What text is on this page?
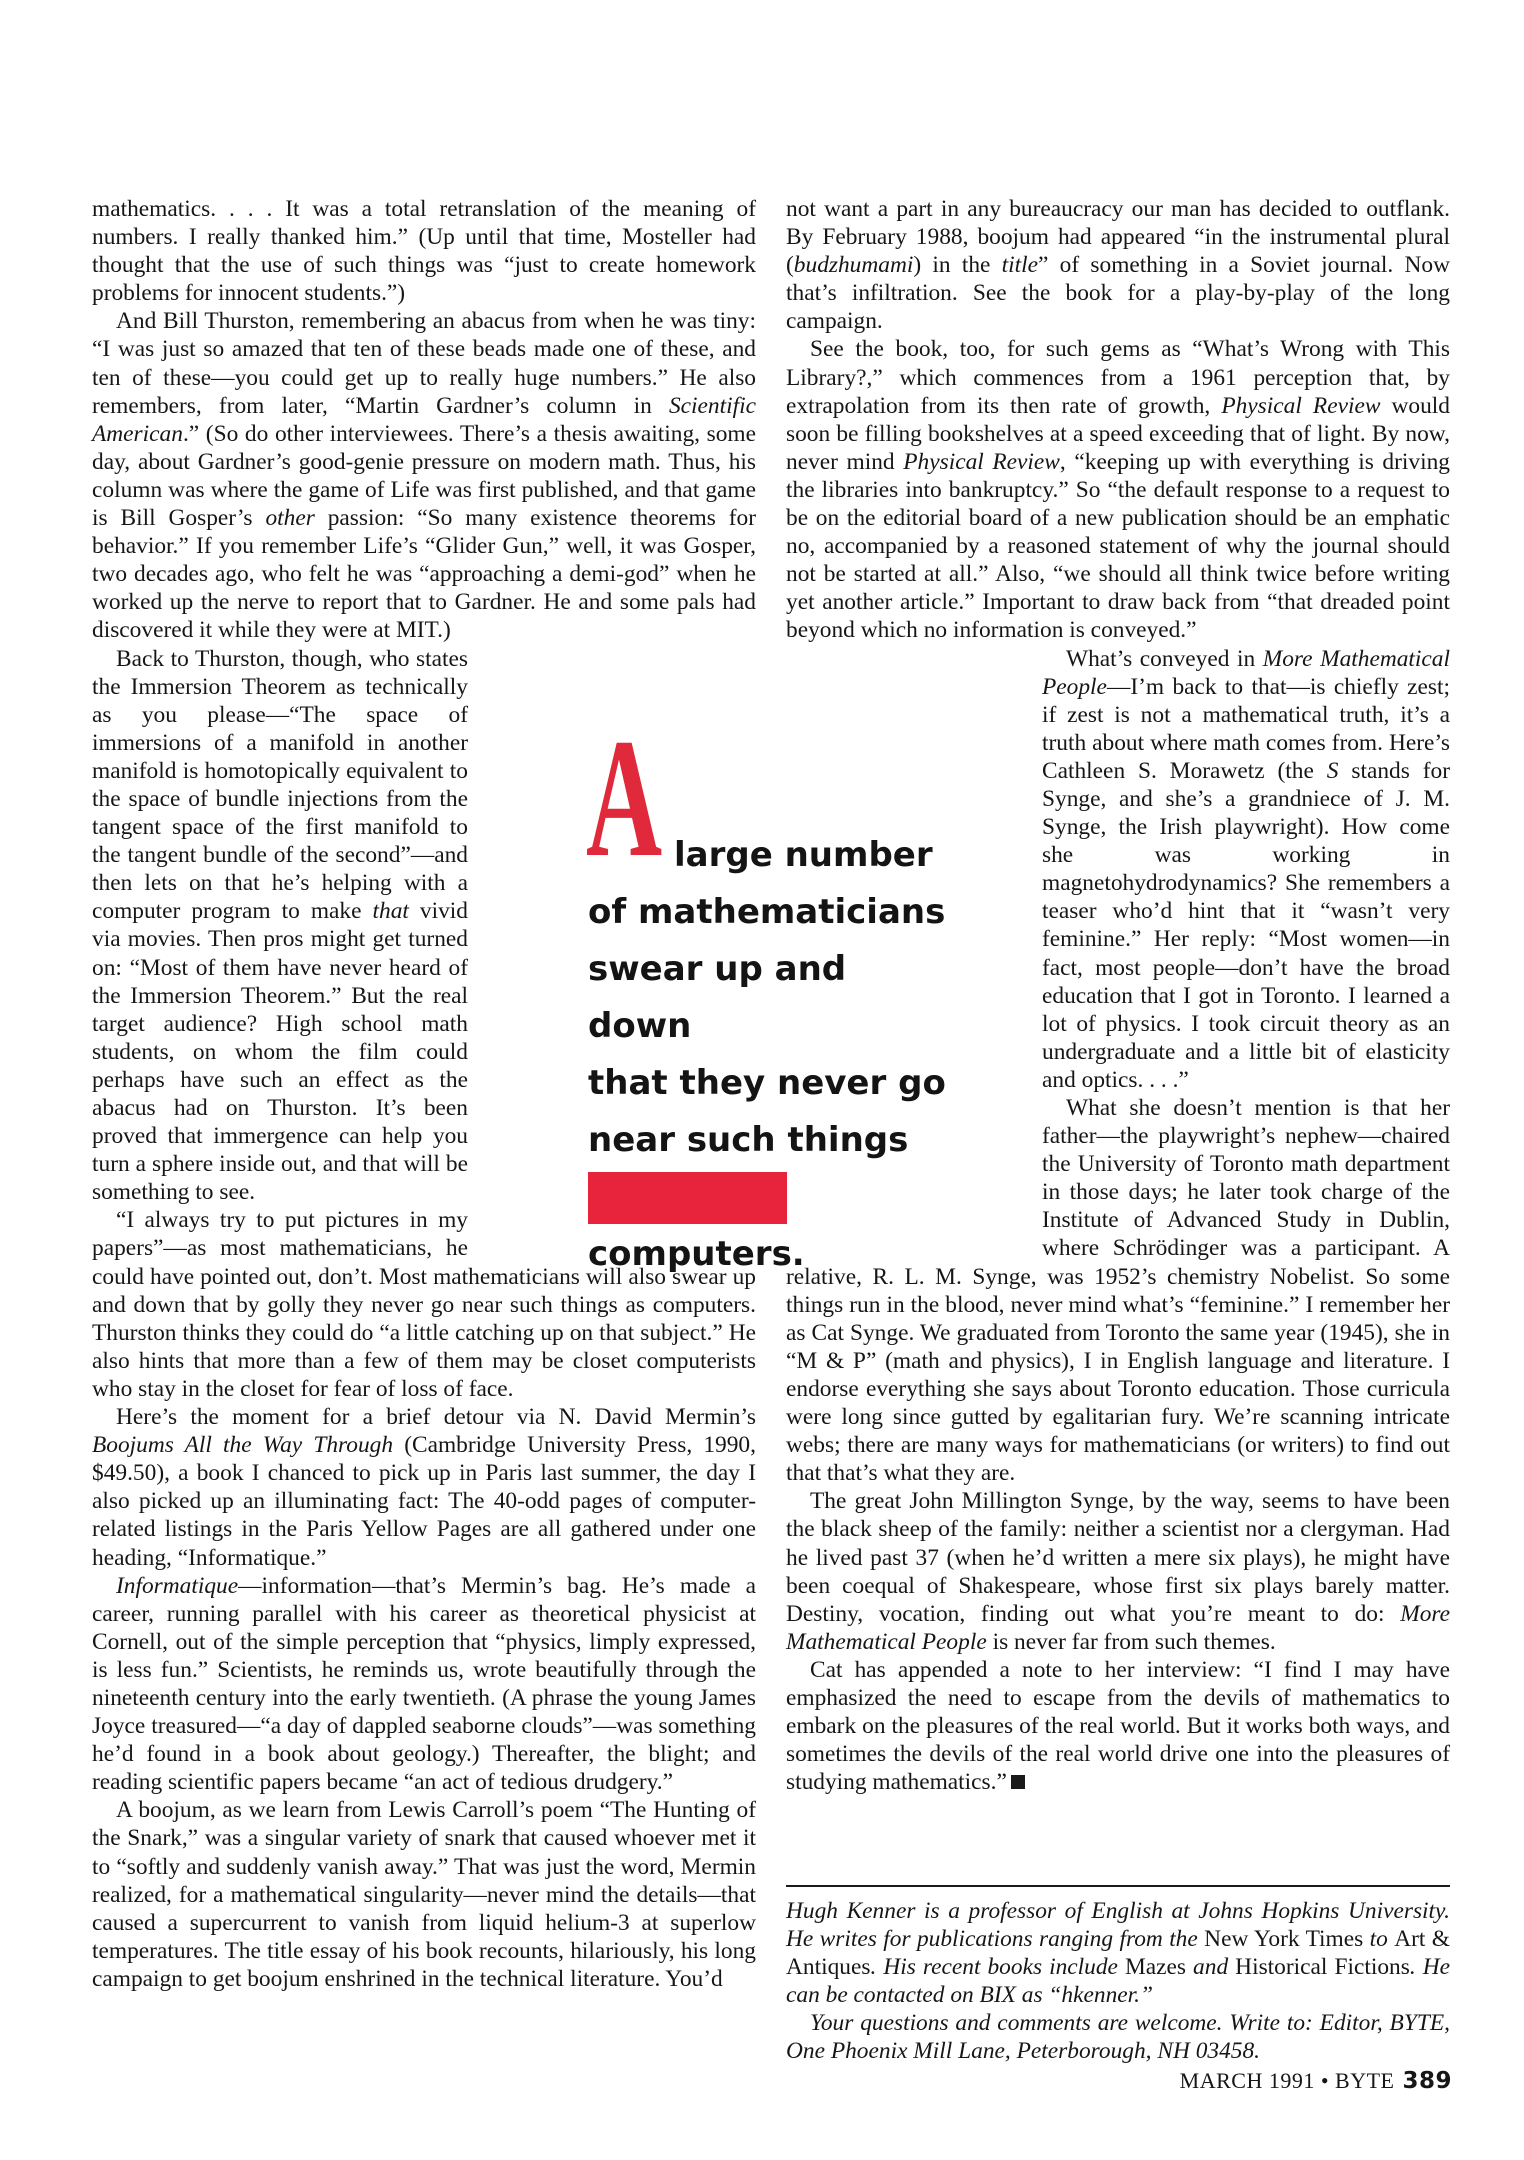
mathematics. . . . It was a total retranslation of the meaning of numbers. I really thanked him.” (Up until that time, Mosteller had thought that the use of such things was “just to create homework problems for innocent students.”)

And Bill Thurston, remembering an abacus from when he was tiny: “I was just so amazed that ten of these beads made one of these, and ten of these—you could get up to really huge numbers.” He also remembers, from later, “Martin Gardner’s column in Scientific American.” (So do other interviewees. There’s a thesis awaiting, some day, about Gardner’s good-genie pressure on modern math. Thus, his column was where the game of Life was first published, and that game is Bill Gosper’s other passion: “So many existence theorems for behavior.” If you remember Life’s “Glider Gun,” well, it was Gosper, two decades ago, who felt he was “approaching a demi-god” when he worked up the nerve to report that to Gardner. He and some pals had discovered it while they were at MIT.)

Back to Thurston, though, who states the Immersion Theorem as technically as you please—“The space of immersions of a manifold in another manifold is homotopically equivalent to the space of bundle injections from the tangent space of the first manifold to the tangent bundle of the second”—and then lets on that he’s helping with a computer program to make that vivid via movies. Then pros might get turned on: “Most of them have never heard of the Immersion Theorem.” But the real target audience? High school math students, on whom the film could perhaps have such an effect as the abacus had on Thurston. It’s been proved that immergence can help you turn a sphere inside out, and that will be something to see.

“I always try to put pictures in my papers”—as most mathematicians, he could have pointed out, don’t. Most mathematicians will also swear up and down that by golly they never go near such things as computers. Thurston thinks they could do “a little catching up on that subject.” He also hints that more than a few of them may be closet computerists who stay in the closet for fear of loss of face.

Here’s the moment for a brief detour via N. David Mermin’s Boojums All the Way Through (Cambridge University Press, 1990, $49.50), a book I chanced to pick up in Paris last summer, the day I also picked up an illuminating fact: The 40-odd pages of computer-related listings in the Paris Yellow Pages are all gathered under one heading, “Informatique.”

Informatique—information—that’s Mermin’s bag. He’s made a career, running parallel with his career as theoretical physicist at Cornell, out of the simple perception that “physics, limply expressed, is less fun.” Scientists, he reminds us, wrote beautifully through the nineteenth century into the early twentieth. (A phrase the young James Joyce treasured—“a day of dappled seaborne clouds”—was something he’d found in a book about geology.) Thereafter, the blight; and reading scientific papers became “an act of tedious drudgery.”

A boojum, as we learn from Lewis Carroll’s poem “The Hunting of the Snark,” was a singular variety of snark that caused whoever met it to “softly and suddenly vanish away.” That was just the word, Mermin realized, for a mathematical singularity—never mind the details—that caused a supercurrent to vanish from liquid helium-3 at superlow temperatures. The title essay of his book recounts, hilariously, his long campaign to get boojum enshrined in the technical literature. You’d

not want a part in any bureaucracy our man has decided to outflank. By February 1988, boojum had appeared “in the instrumental plural (budzhumami) in the title” of something in a Soviet journal. Now that’s infiltration. See the book for a play-by-play of the long campaign.

See the book, too, for such gems as “What’s Wrong with This Library?,” which commences from a 1961 perception that, by extrapolation from its then rate of growth, Physical Review would soon be filling bookshelves at a speed exceeding that of light. By now, never mind Physical Review, “keeping up with everything is driving the libraries into bankruptcy.” So “the default response to a request to be on the editorial board of a new publication should be an emphatic no, accompanied by a reasoned statement of why the journal should not be started at all.” Also, “we should all think twice before writing yet another article.” Important to draw back from “that dreaded point beyond which no information is conveyed.”

What’s conveyed in More Mathematical People—I’m back to that—is chiefly zest; if zest is not a mathematical truth, it’s a truth about where math comes from. Here’s Cathleen S. Morawetz (the S stands for Synge, and she’s a grandniece of J. M. Synge, the Irish playwright). How come she was working in magnetohydrodynamics? She remembers a teaser who’d hint that it “wasn’t very feminine.” Her reply: “Most women—in fact, most people—don’t have the broad education that I got in Toronto. I learned a lot of physics. I took circuit theory as an undergraduate and a little bit of elasticity and optics. . . .”

What she doesn’t mention is that her father—the playwright’s nephew—chaired the University of Toronto math department in those days; he later took charge of the Institute of Advanced Study in Dublin, where Schrödinger was a participant. A relative, R. L. M. Synge, was 1952’s chemistry Nobelist. So some things run in the blood, never mind what’s “feminine.” I remember her as Cat Synge. We graduated from Toronto the same year (1945), she in “M & P” (math and physics), I in English language and literature. I endorse everything she says about Toronto education. Those curricula were long since gutted by egalitarian fury. We’re scanning intricate webs; there are many ways for mathematicians (or writers) to find out that that’s what they are.

The great John Millington Synge, by the way, seems to have been the black sheep of the family: neither a scientist nor a clergyman. Had he lived past 37 (when he’d written a mere six plays), he might have been coequal of Shakespeare, whose first six plays barely matter. Destiny, vocation, finding out what you’re meant to do: More Mathematical People is never far from such themes.

Cat has appended a note to her interview: “I find I may have emphasized the need to escape from the devils of mathematics to embark on the pleasures of the real world. But it works both ways, and sometimes the devils of the real world drive one into the pleasures of studying mathematics.”

A large number
of mathematicians
swear up and down
that they never go
near such things
computers.

Hugh Kenner is a professor of English at Johns Hopkins University. He writes for publications ranging from the New York Times to Art & Antiques. His recent books include Mazes and Historical Fictions. He can be contacted on BIX as “hkenner.”

Your questions and comments are welcome. Write to: Editor, BYTE, One Phoenix Mill Lane, Peterborough, NH 03458.

MARCH 1991 • BYTE 389
